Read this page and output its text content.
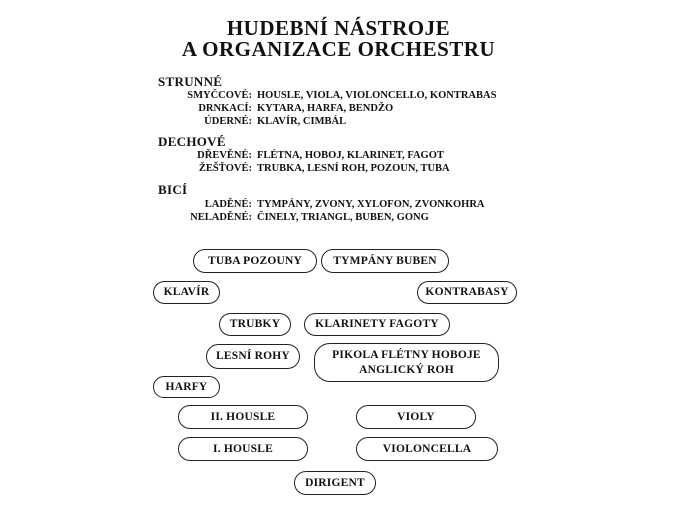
HUDEBNÍ NÁSTROJE
A ORGANIZACE ORCHESTRU
STRUNNÉ
SMYČCOVÉ: HOUSLE, VIOLA, VIOLONCELLO, KONTRABAS
DRNKACÍ: KYTARA, HARFA, BENDŽO
ÚDERNÉ: KLAVÍR, CIMBÁL
DECHOVÉ
DŘEVĚNÉ: FLÉTNA, HOBOJ, KLARINET, FAGOT
ŽEŠŤOVÉ: TRUBKA, LESNÍ ROH, POZOUN, TUBA
BICÍ
LADĚNÉ: TYMPÁNY, ZVONY, XYLOFON, ZVONKOHRA
NELADĚNÉ: ČINELY, TRIANGL, BUBEN, GONG
TUBA POZOUNY	TYMPÁNY BUBEN
KLAVÍR	KONTRABASY
TRUBKY	KLARINETY FAGOTY
LESNÍ ROHY	PIKOLA FLÉTNY HOBOJE
ANGLICKÝ ROH
HARFY
II. HOUSLE	VIOLY
I. HOUSLE	VIOLONCELLA
DIRIGENT
